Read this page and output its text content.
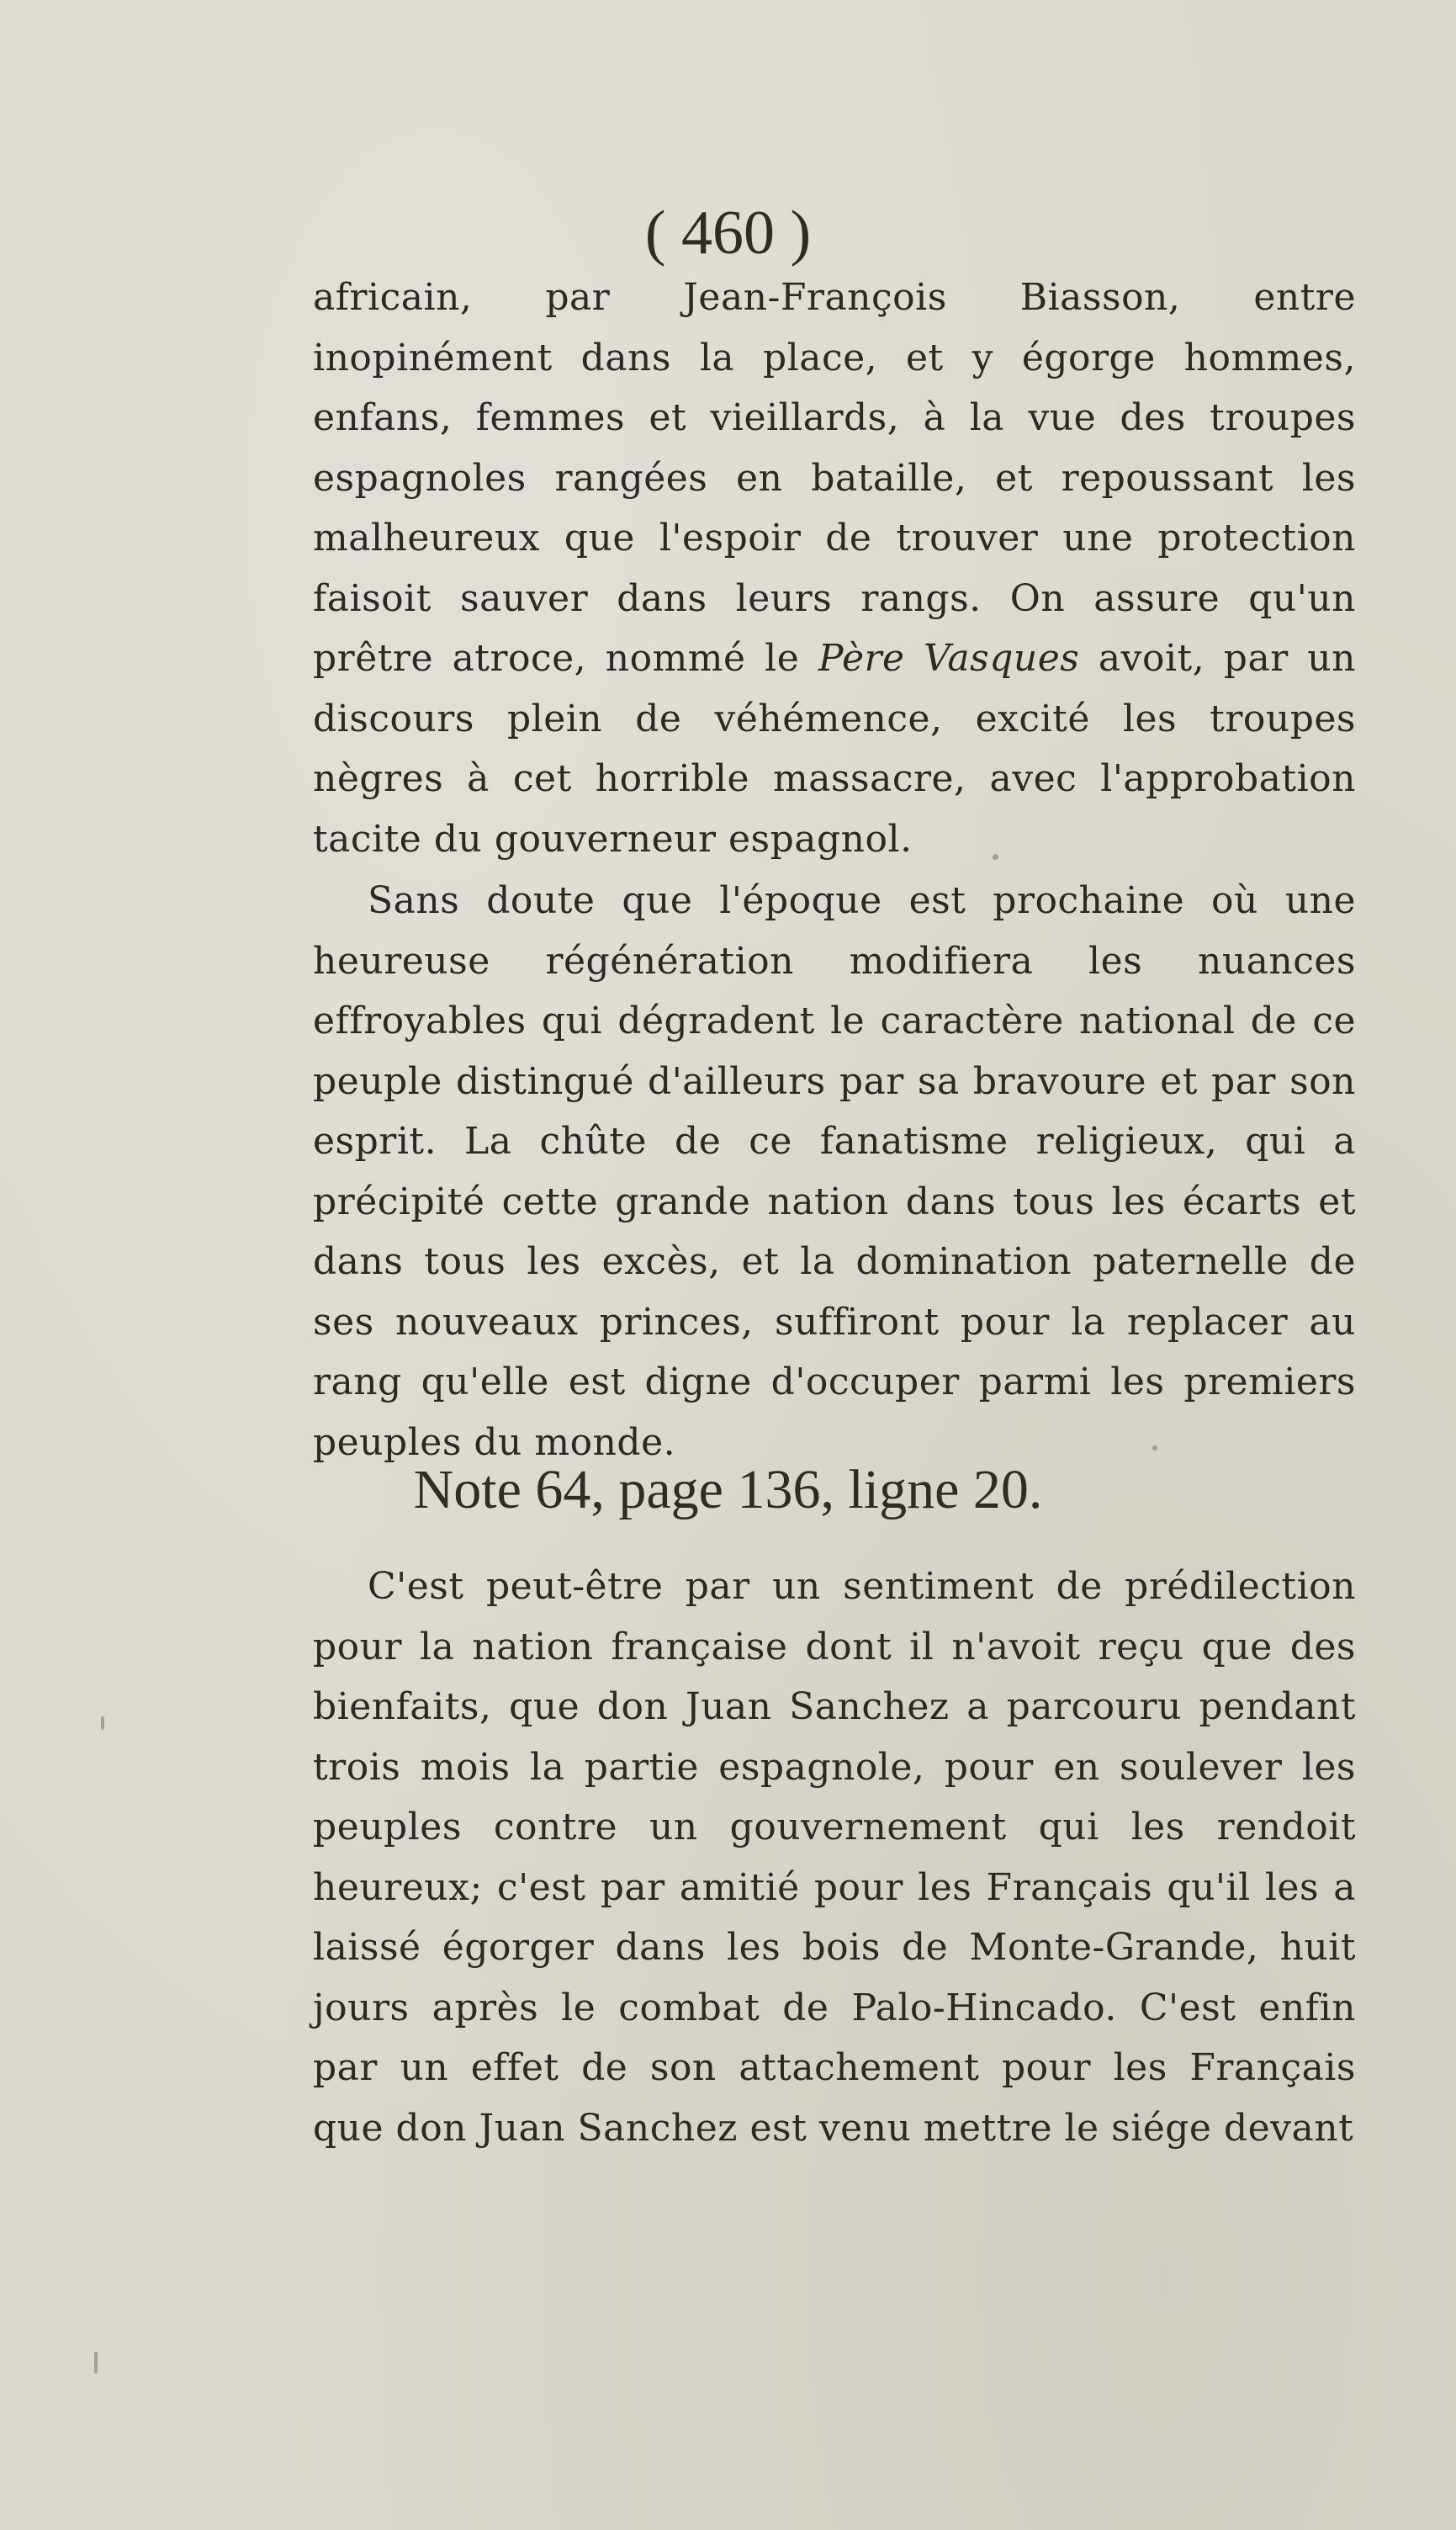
( 460 )

africain, par Jean-François Biasson, entre inopinément dans la place, et y égorge hommes, enfans, femmes et vieillards, à la vue des troupes espagnoles rangées en bataille, et repoussant les malheureux que l'espoir de trouver une protection faisoit sauver dans leurs rangs. On assure qu'un prêtre atroce, nommé le Père Vasques avoit, par un discours plein de véhémence, excité les troupes nègres à cet horrible massacre, avec l'approbation tacite du gouverneur espagnol.

Sans doute que l'époque est prochaine où une heureuse régénération modifiera les nuances effroyables qui dégradent le caractère national de ce peuple distingué d'ailleurs par sa bravoure et par son esprit. La chûte de ce fanatisme religieux, qui a précipité cette grande nation dans tous les écarts et dans tous les excès, et la domination paternelle de ses nouveaux princes, suffiront pour la replacer au rang qu'elle est digne d'occuper parmi les premiers peuples du monde.

Note 64, page 136, ligne 20.

C'est peut-être par un sentiment de prédilection pour la nation française dont il n'avoit reçu que des bienfaits, que don Juan Sanchez a parcouru pendant trois mois la partie espagnole, pour en soulever les peuples contre un gouvernement qui les rendoit heureux; c'est par amitié pour les Français qu'il les a laissé égorger dans les bois de Monte-Grande, huit jours après le combat de Palo-Hincado. C'est enfin par un effet de son attachement pour les Français que don Juan Sanchez est venu mettre le siége devant
